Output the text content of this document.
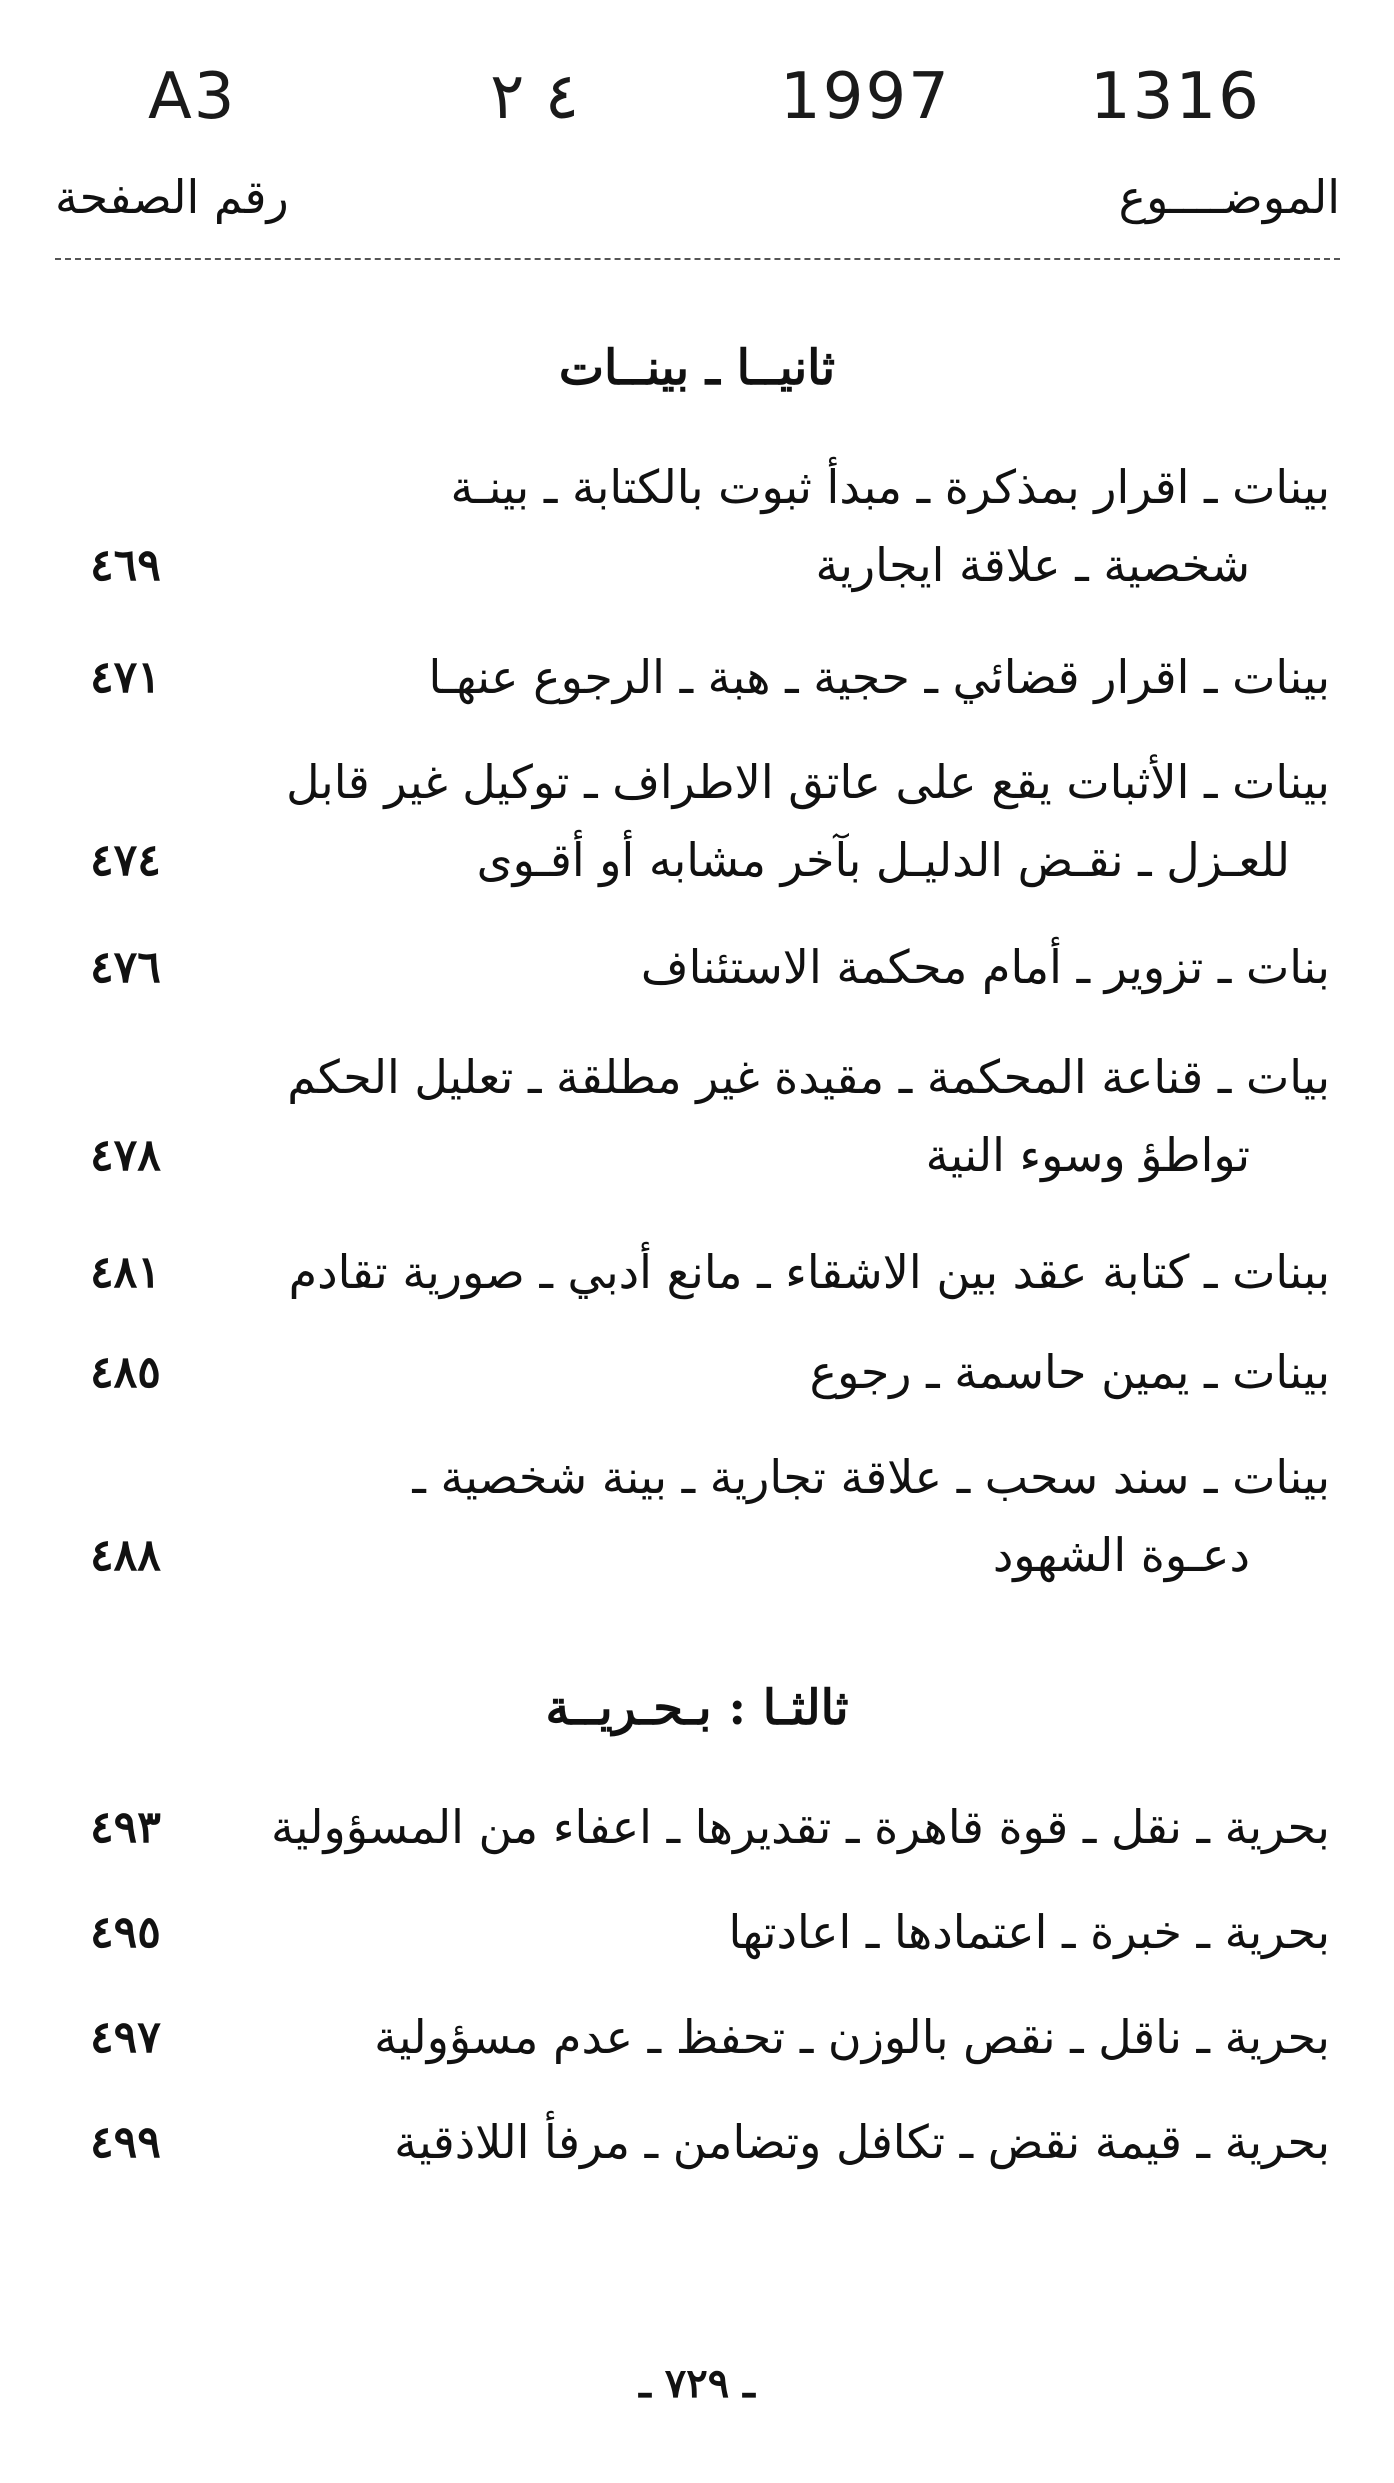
A3	٤ ٢	1997 1316
الموضــــوع
رقم الصفحة
ثانيــا ـ بينــات
بينات ـ اقرار بمذكرة ـ مبدأ ثبوت بالكتابة ـ بينـة
شخصية ـ علاقة ايجارية
٤٦٩
بينات ـ اقرار قضائي ـ حجية ـ هبة ـ الرجوع عنهـا
٤٧١
بينات ـ الأثبات يقع على عاتق الاطراف ـ توكيل غير قابل
للعـزل ـ نقـض الدليـل بآخر مشابه أو أقـوى
٤٧٤
بنات ـ تزوير ـ أمام محكمة الاستئناف
٤٧٦
بيات ـ قناعة المحكمة ـ مقيدة غير مطلقة ـ تعليل الحكم
تواطؤ وسوء النية
٤٧٨
ببنات ـ كتابة عقد بين الاشقاء ـ مانع أدبي ـ صورية تقادم
٤٨١
بينات ـ يمين حاسمة ـ رجوع
٤٨٥
بينات ـ سند سحب ـ علاقة تجارية ـ بينة شخصية ـ
دعـوة الشهود
٤٨٨
ثالثـا : بـحـريــة
بحرية ـ نقل ـ قوة قاهرة ـ تقديرها ـ اعفاء من المسؤولية
٤٩٣
بحرية ـ خبرة ـ اعتمادها ـ اعادتها
٤٩٥
بحرية ـ ناقل ـ نقص بالوزن ـ تحفظ ـ عدم مسؤولية
٤٩٧
بحرية ـ قيمة نقض ـ تكافل وتضامن ـ مرفأ اللاذقية
٤٩٩
ـ ٧٢٩ ـ
